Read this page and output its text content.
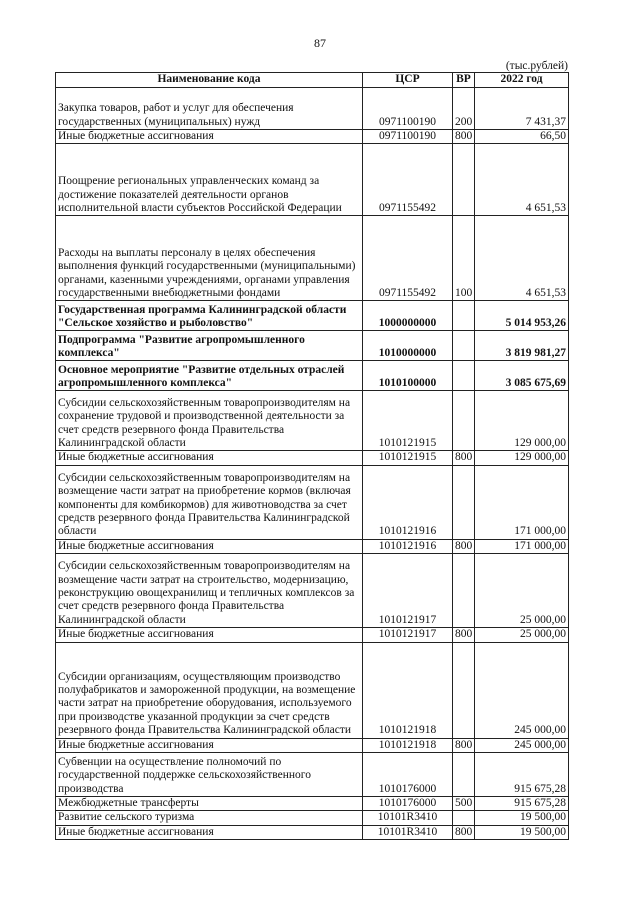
87
(тыс.рублей)
Наименование кода	ЦСР	ВР	2022 год
Закупка товаров, работ и услуг для обеспечения государственных (муниципальных) нужд	0971100190	200	7 431,37
Иные бюджетные ассигнования	0971100190	800	66,50
Поощрение региональных управленческих команд за достижение показателей деятельности органов исполнительной власти субъектов Российской Федерации	0971155492		4 651,53
Расходы на выплаты персоналу в целях обеспечения выполнения функций государственными (муниципальными) органами, казенными учреждениями, органами управления государственными внебюджетными фондами	0971155492	100	4 651,53
Государственная программа Калининградской области "Сельское хозяйство и рыболовство"	1000000000		5 014 953,26
Подпрограмма "Развитие агропромышленного комплекса"	1010000000		3 819 981,27
Основное мероприятие "Развитие отдельных отраслей агропромышленного комплекса"	1010100000		3 085 675,69
Субсидии сельскохозяйственным товаропроизводителям на сохранение трудовой и производственной деятельности за счет средств резервного фонда Правительства Калининградской области	1010121915		129 000,00
Иные бюджетные ассигнования	1010121915	800	129 000,00
Субсидии сельскохозяйственным товаропроизводителям на возмещение части затрат на приобретение кормов (включая компоненты для комбикормов) для животноводства за счет средств резервного фонда Правительства Калининградской области	1010121916		171 000,00
Иные бюджетные ассигнования	1010121916	800	171 000,00
Субсидии сельскохозяйственным товаропроизводителям на возмещение части затрат на строительство, модернизацию, реконструкцию овощехранилищ и тепличных комплексов за счет средств резервного фонда Правительства Калининградской области	1010121917		25 000,00
Иные бюджетные ассигнования	1010121917	800	25 000,00
Субсидии организациям, осуществляющим производство полуфабрикатов и замороженной продукции, на возмещение части затрат на приобретение оборудования, используемого при производстве указанной продукции за счет средств резервного фонда Правительства Калининградской области	1010121918		245 000,00
Иные бюджетные ассигнования	1010121918	800	245 000,00
Субвенции на осуществление полномочий по государственной поддержке сельскохозяйственного производства	1010176000		915 675,28
Межбюджетные трансферты	1010176000	500	915 675,28
Развитие сельского туризма	10101R3410		19 500,00
Иные бюджетные ассигнования	10101R3410	800	19 500,00
